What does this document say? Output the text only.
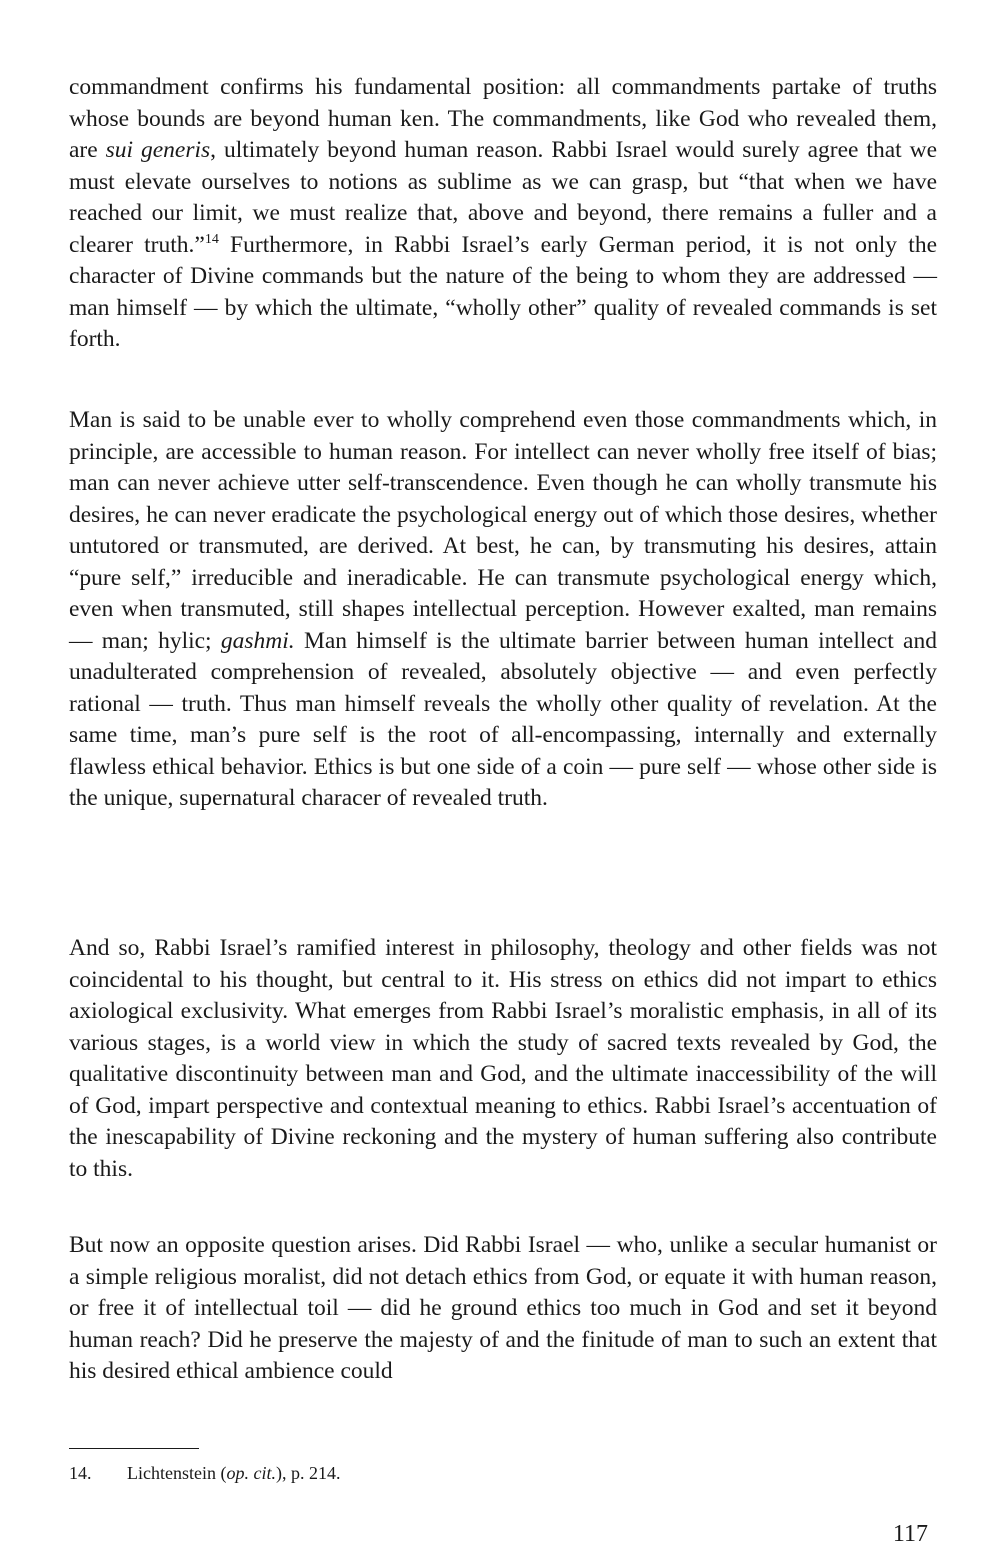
commandment confirms his fundamental position: all commandments partake of truths whose bounds are beyond human ken. The commandments, like God who revealed them, are sui generis, ultimately beyond human reason. Rabbi Israel would surely agree that we must elevate ourselves to notions as sublime as we can grasp, but “that when we have reached our limit, we must realize that, above and beyond, there remains a fuller and a clearer truth.”$^{14}$ Furthermore, in Rabbi Israel’s early German period, it is not only the character of Divine commands but the nature of the being to whom they are addressed — man himself — by which the ultimate, “wholly other” quality of revealed commands is set forth.

Man is said to be unable ever to wholly comprehend even those commandments which, in principle, are accessible to human reason. For intellect can never wholly free itself of bias; man can never achieve utter self-transcendence. Even though he can wholly transmute his desires, he can never eradicate the psychological energy out of which those desires, whether untutored or transmuted, are derived. At best, he can, by transmuting his desires, attain “pure self,” irreducible and ineradicable. He can transmute psychological energy which, even when transmuted, still shapes intellectual perception. However exalted, man remains — man; hylic; gashmi. Man himself is the ultimate barrier between human intellect and unadulterated comprehension of revealed, absolutely objective — and even perfectly rational — truth. Thus man himself reveals the wholly other quality of revelation. At the same time, man’s pure self is the root of all-encompassing, internally and externally flawless ethical behavior. Ethics is but one side of a coin — pure self — whose other side is the unique, supernatural characer of revealed truth.

And so, Rabbi Israel’s ramified interest in philosophy, theology and other fields was not coincidental to his thought, but central to it. His stress on ethics did not impart to ethics axiological exclusivity. What emerges from Rabbi Israel’s moralistic emphasis, in all of its various stages, is a world view in which the study of sacred texts revealed by God, the qualitative discontinuity between man and God, and the ultimate inaccessibility of the will of God, impart perspective and contextual meaning to ethics. Rabbi Israel’s accentuation of the inescapability of Divine reckoning and the mystery of human suffering also contribute to this.

But now an opposite question arises. Did Rabbi Israel — who, unlike a secular humanist or a simple religious moralist, did not detach ethics from God, or equate it with human reason, or free it of intellectual toil — did he ground ethics too much in God and set it beyond human reach? Did he preserve the majesty of and the finitude of man to such an extent that his desired ethical ambience could

14. Lichtenstein (op. cit.), p. 214.
117
